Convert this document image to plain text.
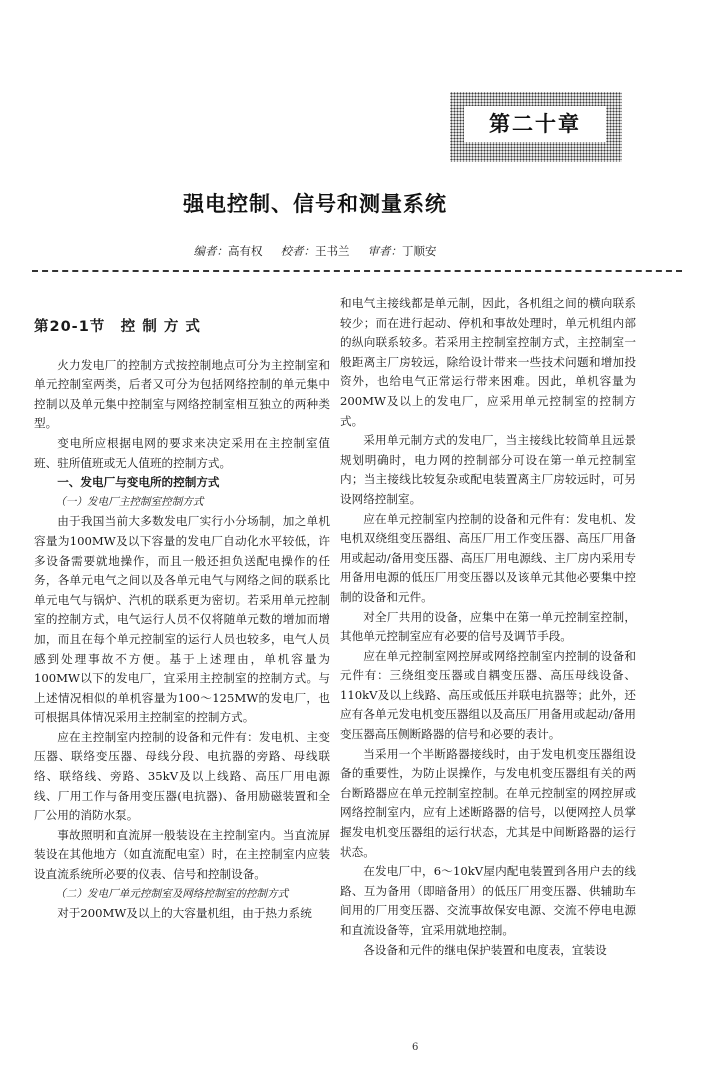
第二十章
强电控制、信号和测量系统
编者：高有权 校者：王书兰 审者：丁顺安

第20-1节　控 制 方 式

火力发电厂的控制方式按控制地点可分为主控制室和单元控制室两类，后者又可分为包括网络控制的单元集中控制以及单元集中控制室与网络控制室相互独立的两种类型。

变电所应根据电网的要求来决定采用在主控制室值班、驻所值班或无人值班的控制方式。

一、发电厂与变电所的控制方式

（一）发电厂主控制室控制方式

由于我国当前大多数发电厂实行小分场制，加之单机容量为100MW及以下容量的发电厂自动化水平较低，许多设备需要就地操作，而且一般还担负送配电操作的任务，各单元电气之间以及各单元电气与网络之间的联系比单元电气与锅炉、汽机的联系更为密切。若采用单元控制室的控制方式，电气运行人员不仅将随单元数的增加而增加，而且在每个单元控制室的运行人员也较多，电气人员感到处理事故不方便。基于上述理由，单机容量为100MW以下的发电厂，宜采用主控制室的控制方式。与上述情况相似的单机容量为100～125MW的发电厂，也可根据具体情况采用主控制室的控制方式。

应在主控制室内控制的设备和元件有：发电机、主变压器、联络变压器、母线分段、电抗器的旁路、母线联络、联络线、旁路、35kV及以上线路、高压厂用电源线、厂用工作与备用变压器(电抗器)、备用励磁装置和全厂公用的消防水泵。

事故照明和直流屏一般装设在主控制室内。当直流屏装设在其他地方（如直流配电室）时，在主控制室内应装设直流系统所必要的仪表、信号和控制设备。

（二）发电厂单元控制室及网络控制室的控制方式

对于200MW及以上的大容量机组，由于热力系统

和电气主接线都是单元制，因此，各机组之间的横向联系较少；而在进行起动、停机和事故处理时，单元机组内部的纵向联系较多。若采用主控制室控制方式，主控制室一般距离主厂房较远，除给设计带来一些技术问题和增加投资外，也给电气正常运行带来困难。因此，单机容量为200MW及以上的发电厂，应采用单元控制室的控制方式。

采用单元制方式的发电厂，当主接线比较简单且远景规划明确时，电力网的控制部分可设在第一单元控制室内；当主接线比较复杂或配电装置离主厂房较远时，可另设网络控制室。

应在单元控制室内控制的设备和元件有：发电机、发电机双绕组变压器组、高压厂用工作变压器、高压厂用备用或起动/备用变压器、高压厂用电源线、主厂房内采用专用备用电源的低压厂用变压器以及该单元其他必要集中控制的设备和元件。

对全厂共用的设备，应集中在第一单元控制室控制，其他单元控制室应有必要的信号及调节手段。

应在单元控制室网控屏或网络控制室内控制的设备和元件有：三绕组变压器或自耦变压器、高压母线设备、110kV及以上线路、高压或低压并联电抗器等；此外，还应有各单元发电机变压器组以及高压厂用备用或起动/备用变压器高压侧断路器的信号和必要的表计。

当采用一个半断路器接线时，由于发电机变压器组设备的重要性，为防止误操作，与发电机变压器组有关的两台断路器应在单元控制室控制。在单元控制室的网控屏或网络控制室内，应有上述断路器的信号，以便网控人员掌握发电机变压器组的运行状态，尤其是中间断路器的运行状态。

在发电厂中，6～10kV屋内配电装置到各用户去的线路、互为备用（即暗备用）的低压厂用变压器、供辅助车间用的厂用变压器、交流事故保安电源、交流不停电电源和直流设备等，宜采用就地控制。

各设备和元件的继电保护装置和电度表，宜装设

6
